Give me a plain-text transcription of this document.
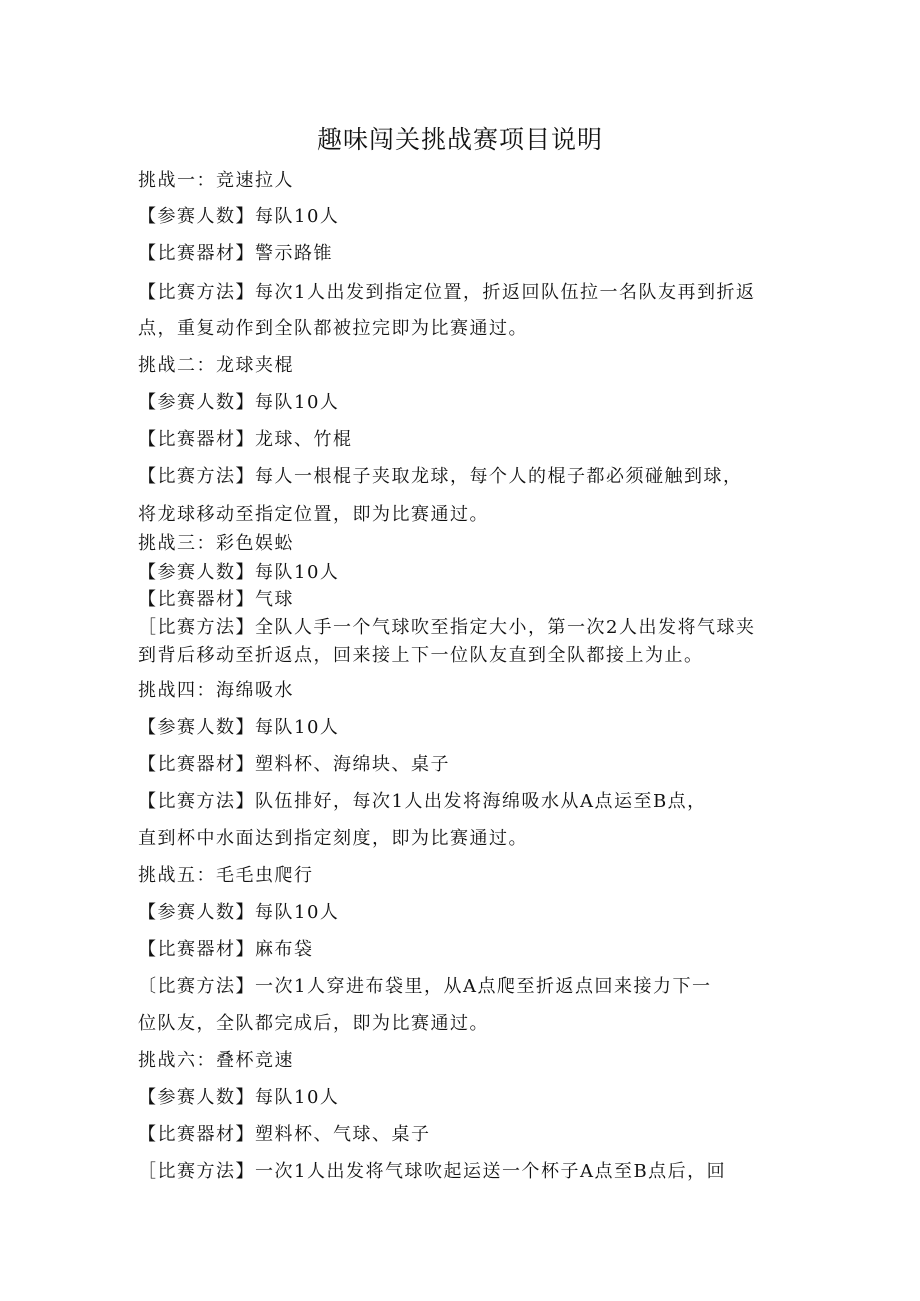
趣味闯关挑战赛项目说明
挑战一：竞速拉人
【参赛人数】每队10人
【比赛器材】警示路锥
【比赛方法】每次1人出发到指定位置，折返回队伍拉一名队友再到折返
点，重复动作到全队都被拉完即为比赛通过。
挑战二：龙球夹棍
【参赛人数】每队10人
【比赛器材】龙球、竹棍
【比赛方法】每人一根棍子夹取龙球，每个人的棍子都必须碰触到球，
将龙球移动至指定位置，即为比赛通过。
挑战三：彩色娱蚣
【参赛人数】每队10人
【比赛器材】气球
［比赛方法】全队人手一个气球吹至指定大小，第一次2人出发将气球夹
到背后移动至折返点，回来接上下一位队友直到全队都接上为止。
挑战四：海绵吸水
【参赛人数】每队10人
【比赛器材】塑料杯、海绵块、桌子
【比赛方法】队伍排好，每次1人出发将海绵吸水从A点运至B点，
直到杯中水面达到指定刻度，即为比赛通过。
挑战五：毛毛虫爬行
【参赛人数】每队10人
【比赛器材】麻布袋
〔比赛方法】一次1人穿进布袋里，从A点爬至折返点回来接力下一
位队友，全队都完成后，即为比赛通过。
挑战六：叠杯竞速
【参赛人数】每队10人
【比赛器材】塑料杯、气球、桌子
［比赛方法】一次1人出发将气球吹起运送一个杯子A点至B点后，回
